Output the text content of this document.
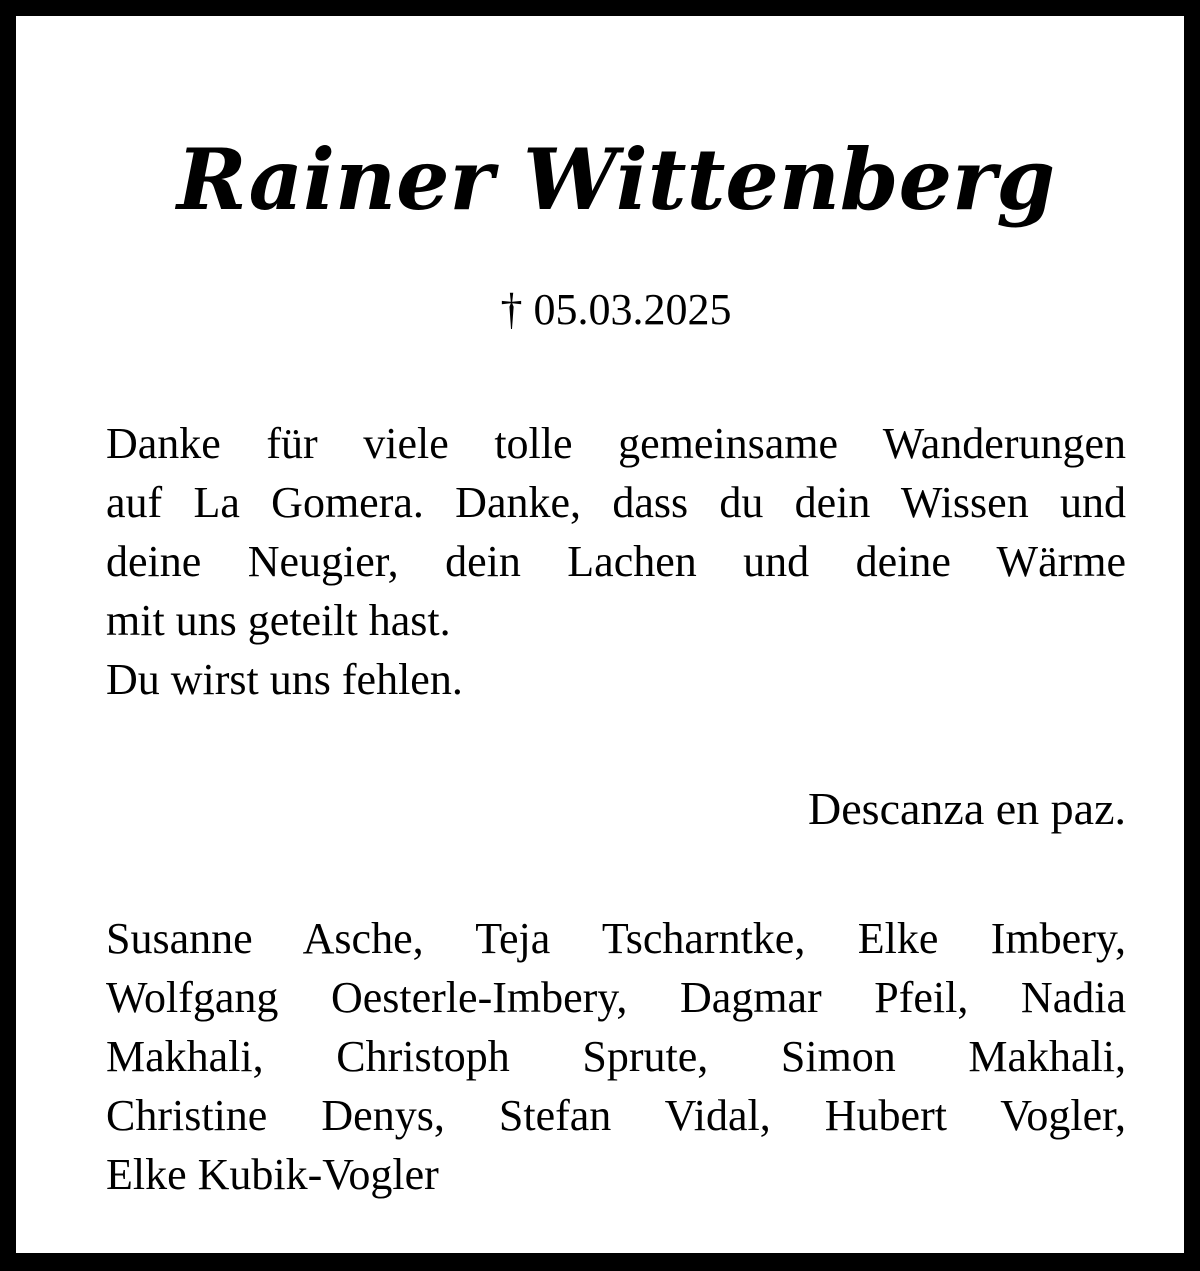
Rainer Wittenberg
† 05.03.2025
Danke für viele tolle gemeinsame Wanderungen
auf La Gomera. Danke, dass du dein Wissen und
deine Neugier, dein Lachen und deine Wärme
mit uns geteilt hast.
Du wirst uns fehlen.
Descanza en paz.
Susanne Asche, Teja Tscharntke, Elke Imbery,
Wolfgang Oesterle-Imbery, Dagmar Pfeil, Nadia
Makhali, Christoph Sprute, Simon Makhali,
Christine Denys, Stefan Vidal, Hubert Vogler,
Elke Kubik-Vogler
